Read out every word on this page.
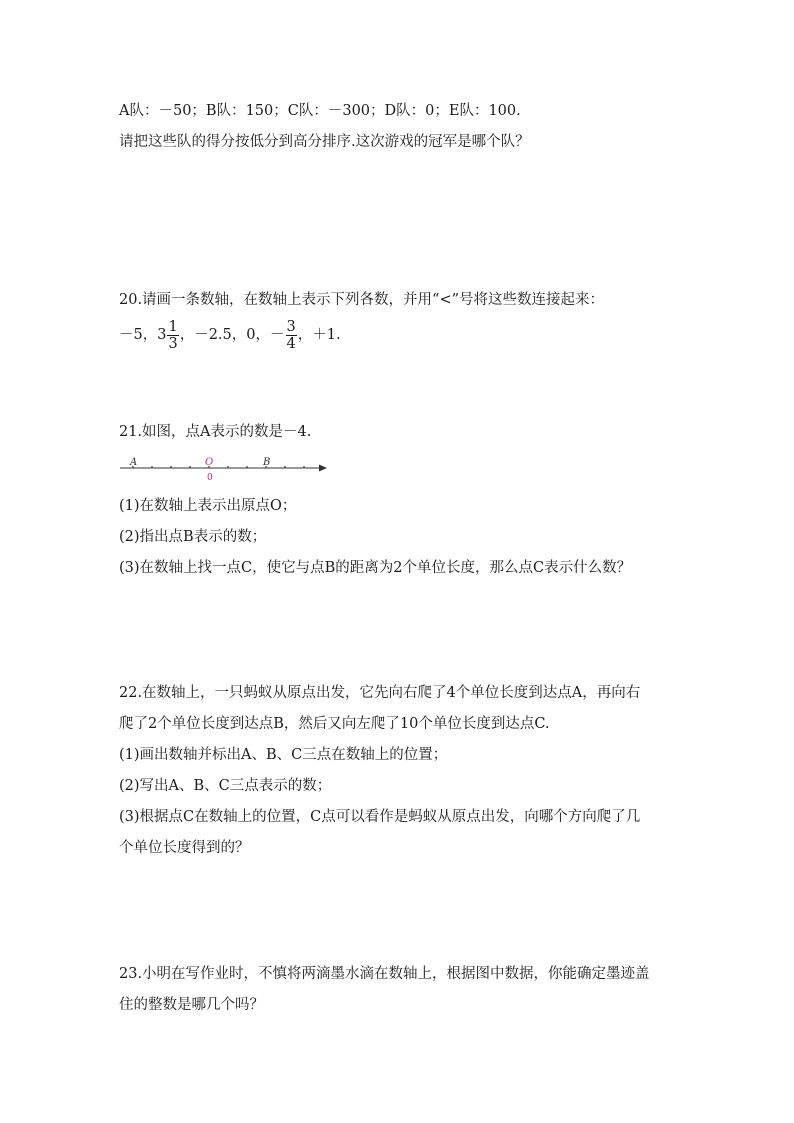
A队：－50；B队：150；C队：－300；D队：0；E队：100.
请把这些队的得分按低分到高分排序.这次游戏的冠军是哪个队？
20.请画一条数轴，在数轴上表示下列各数，并用“<”号将这些数连接起来：
－5，$3 \frac{1}{3}$ ，－2.5，0，－ $\frac{3}{4}$ ，＋1.
21.如图，点A表示的数是－4.
A	O
0
B
(1)在数轴上表示出原点O；
(2)指出点B表示的数；
(3)在数轴上找一点C，使它与点B的距离为2个单位长度，那么点C表示什么数？
22.在数轴上，一只蚂蚁从原点出发，它先向右爬了4个单位长度到达点A，再向右
爬了2个单位长度到达点B，然后又向左爬了10个单位长度到达点C.
(1)画出数轴并标出A、B、C三点在数轴上的位置；
(2)写出A、B、C三点表示的数；
(3)根据点C在数轴上的位置，C点可以看作是蚂蚁从原点出发，向哪个方向爬了几
个单位长度得到的？
23.小明在写作业时，不慎将两滴墨水滴在数轴上，根据图中数据，你能确定墨迹盖
住的整数是哪几个吗？
